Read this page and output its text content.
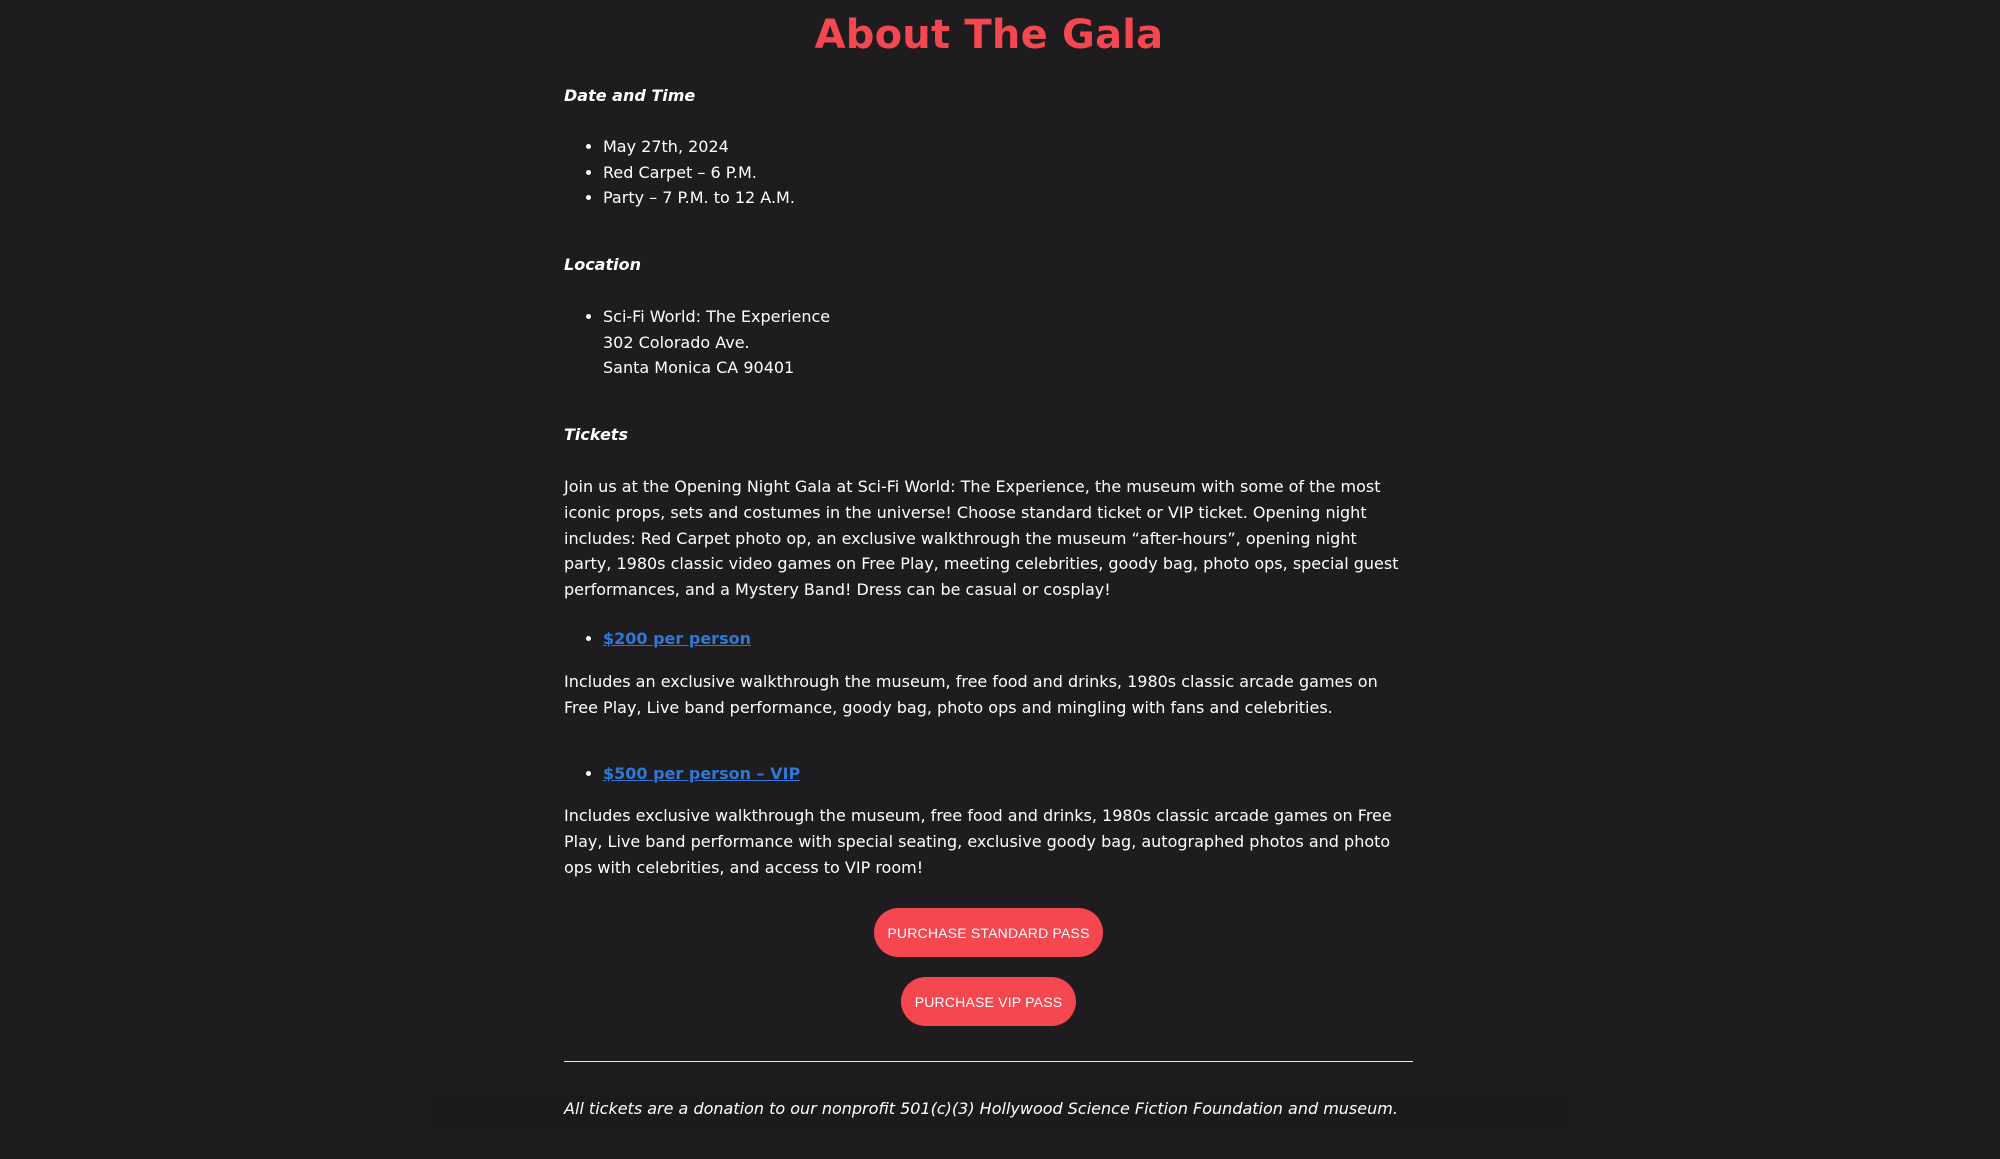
About The Gala

Date and Time

• May 27th, 2024
• Red Carpet – 6 P.M.
• Party – 7 P.M. to 12 A.M.

Location

• Sci-Fi World: The Experience
302 Colorado Ave.
Santa Monica CA 90401

Tickets

Join us at the Opening Night Gala at Sci-Fi World: The Experience, the museum with some of the most iconic props, sets and costumes in the universe! Choose standard ticket or VIP ticket. Opening night includes: Red Carpet photo op, an exclusive walkthrough the museum “after-hours”, opening night party, 1980s classic video games on Free Play, meeting celebrities, goody bag, photo ops, special guest performances, and a Mystery Band! Dress can be casual or cosplay!

• $200 per person

Includes an exclusive walkthrough the museum, free food and drinks, 1980s classic arcade games on Free Play, Live band performance, goody bag, photo ops and mingling with fans and celebrities.

• $500 per person – VIP

Includes exclusive walkthrough the museum, free food and drinks, 1980s classic arcade games on Free Play, Live band performance with special seating, exclusive goody bag, autographed photos and photo ops with celebrities, and access to VIP room!

PURCHASE STANDARD PASS
PURCHASE VIP PASS

All tickets are a donation to our nonprofit 501(c)(3) Hollywood Science Fiction Foundation and museum.
